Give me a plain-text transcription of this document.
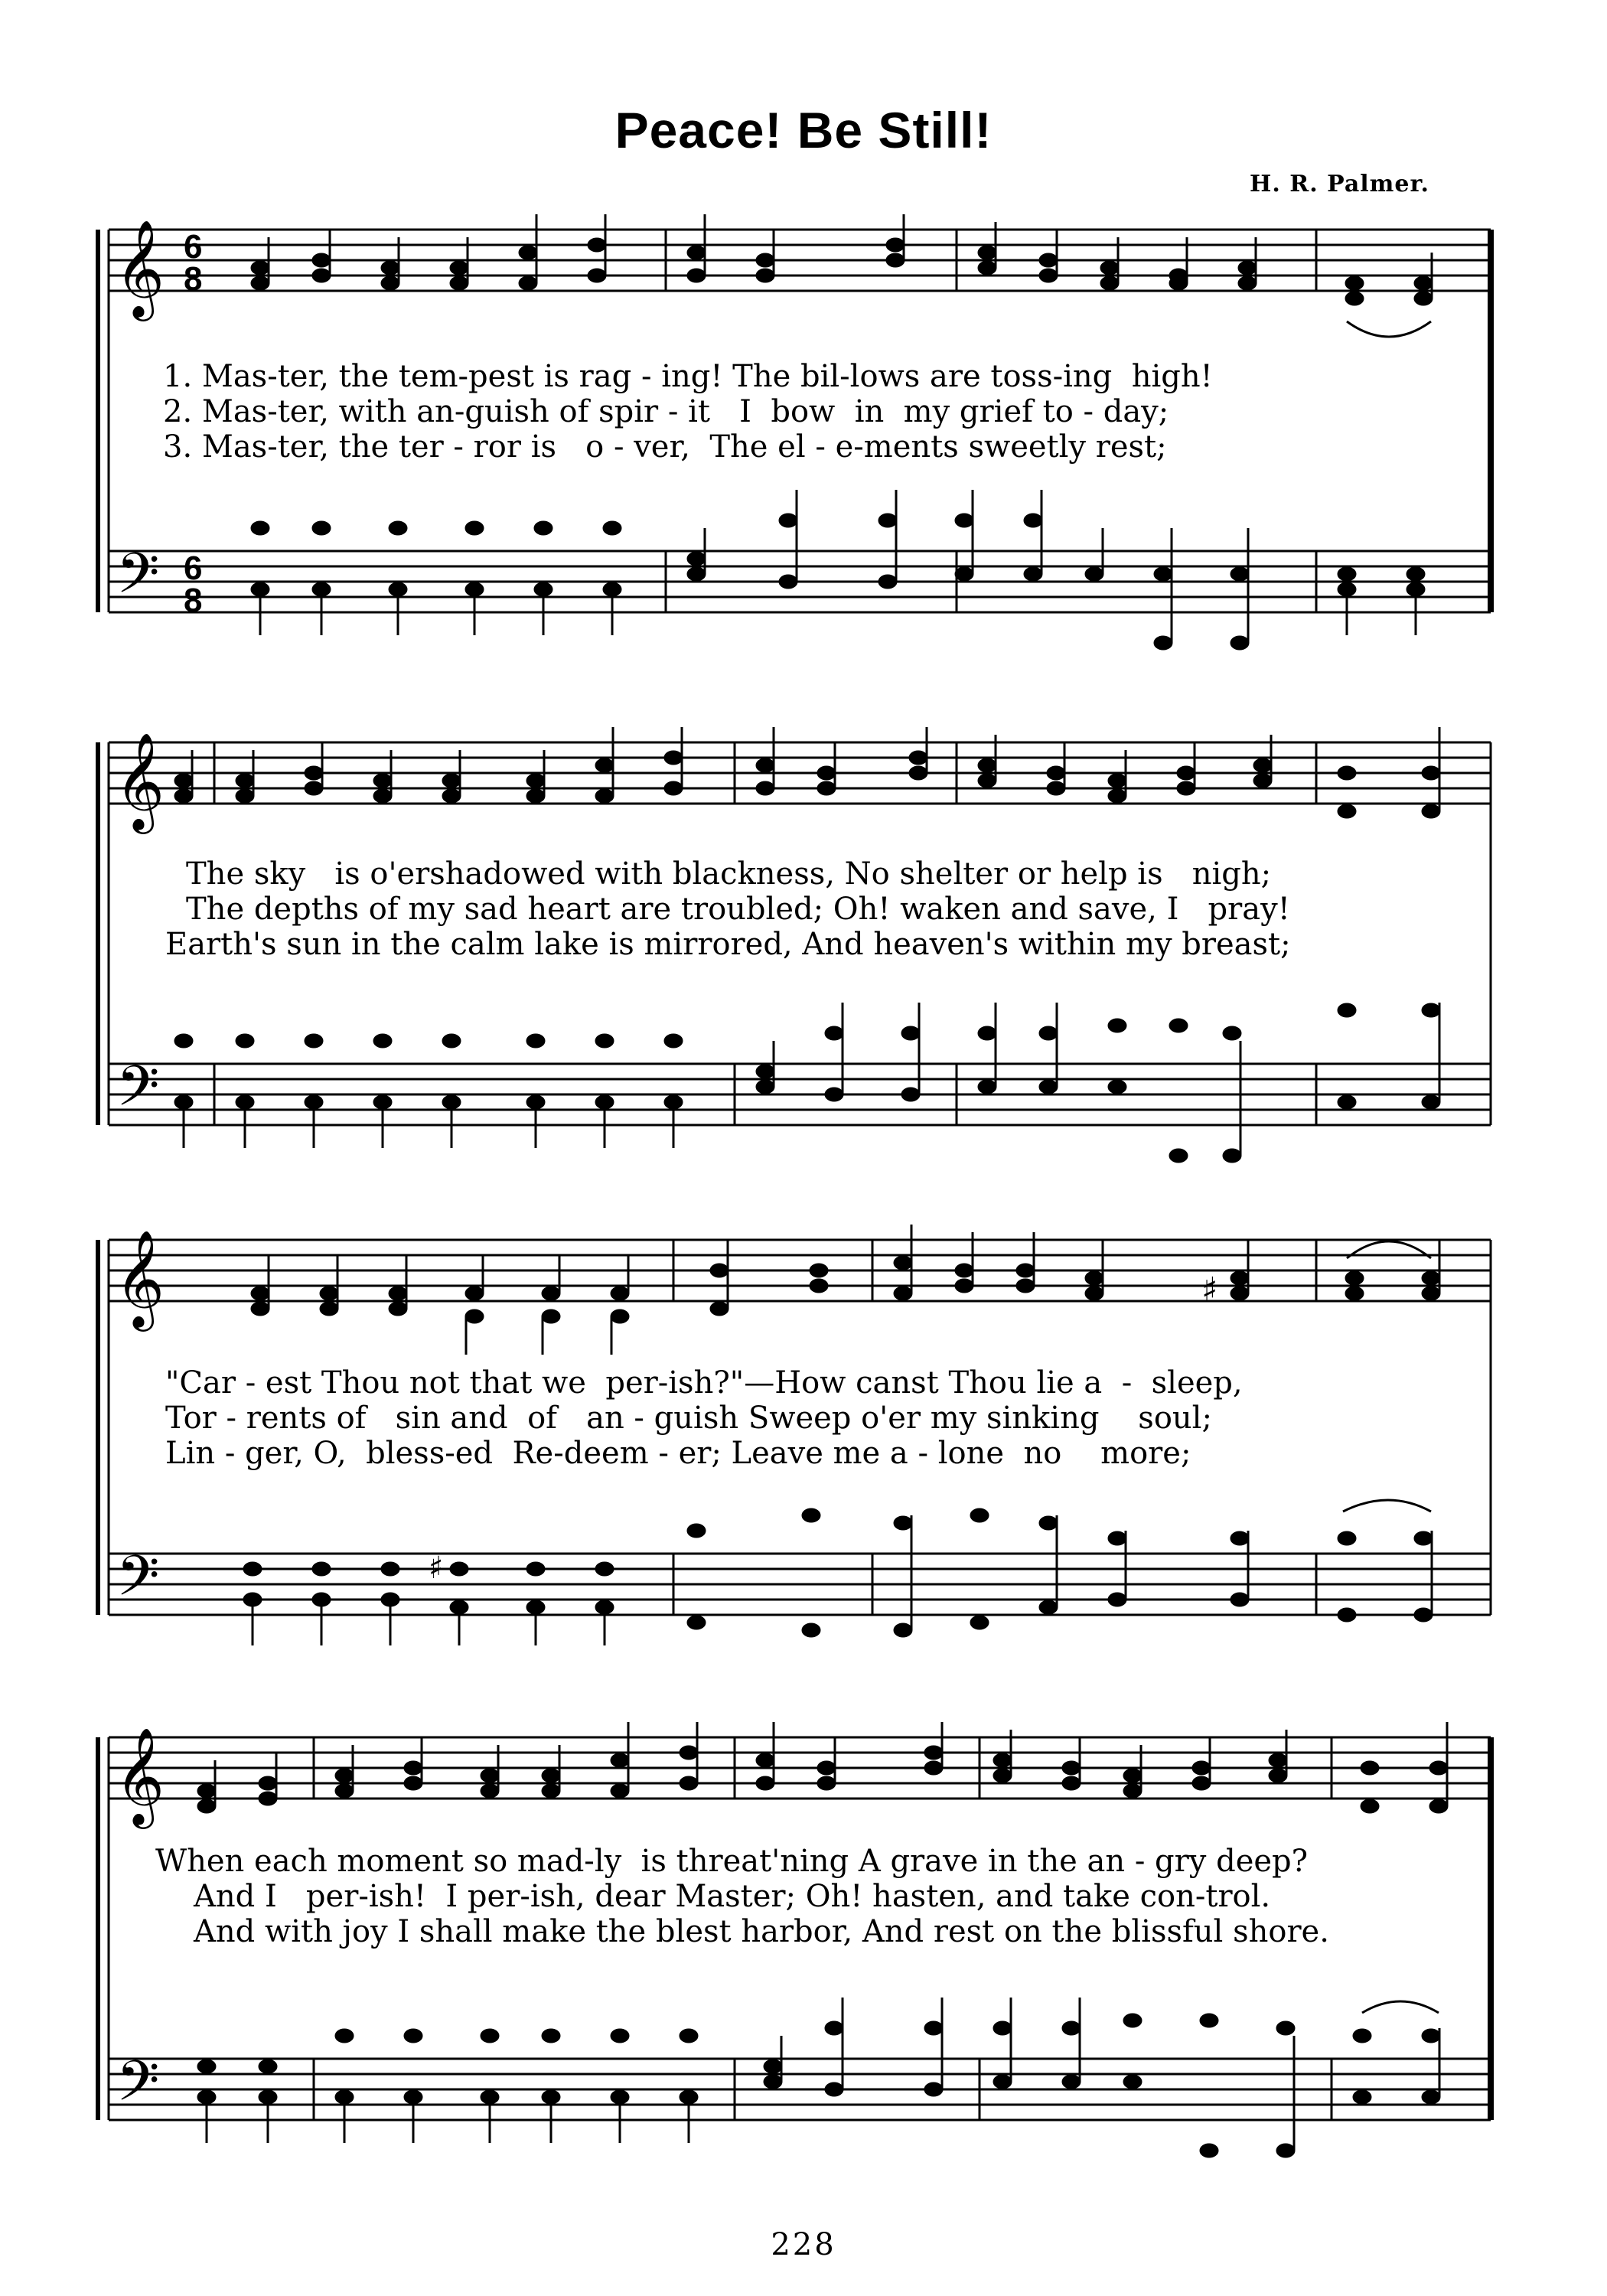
Peace! Be Still!
H. R. Palmer.
𝄞
𝄢
6
8
6
8
1. Mas-ter, the tem-pest is rag - ing! The bil-lows are toss-ing  high!
2. Mas-ter, with an-guish of spir - it   I  bow  in  my grief to - day;
3. Mas-ter, the ter - ror is   o - ver,  The el - e-ments sweetly rest;
𝄞
𝄢
The sky   is o'ershadowed with blackness, No shelter or help is   nigh;
The depths of my sad heart are troubled; Oh! waken and save, I   pray!
Earth's sun in the calm lake is mirrored, And heaven's within my breast;
𝄞
𝄢
♯
♯
"Car - est Thou not that we  per-ish?"—How canst Thou lie a  -  sleep,
Tor - rents of   sin and  of   an - guish Sweep o'er my sinking    soul;
Lin - ger, O,  bless-ed  Re-deem - er; Leave me a - lone  no    more;
𝄞
𝄢
When each moment so mad-ly  is threat'ning A grave in the an - gry deep?
And I   per-ish!  I per-ish, dear Master; Oh! hasten, and take con-trol.
And with joy I shall make the blest harbor, And rest on the blissful shore.
228
